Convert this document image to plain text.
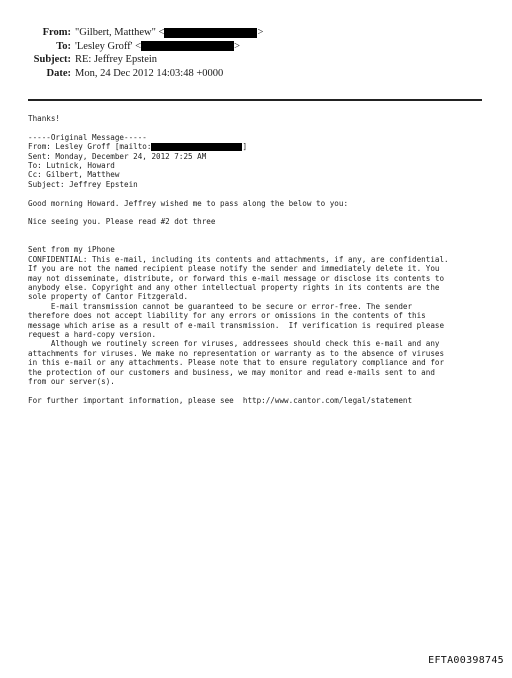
From: "Gilbert, Matthew" <	>
To: 'Lesley Groff' <	>
Subject: RE: Jeffrey Epstein
Date: Mon, 24 Dec 2012 14:03:48 +0000
Thanks!
-----Original Message-----
From: Lesley Groff [mailto:	]
Sent: Monday, December 24, 2012 7:25 AM
To: Lutnick, Howard
Cc: Gilbert, Matthew
Subject: Jeffrey Epstein
Good morning Howard. Jeffrey wished me to pass along the below to you:
Nice seeing you. Please read #2 dot three
Sent from my iPhone
CONFIDENTIAL: This e-mail, including its contents and attachments, if any, are confidential.
If you are not the named recipient please notify the sender and immediately delete it. You
may not disseminate, distribute, or forward this e-mail message or disclose its contents to
anybody else. Copyright and any other intellectual property rights in its contents are the
sole property of Cantor Fitzgerald.
E-mail transmission cannot be guaranteed to be secure or error-free. The sender
therefore does not accept liability for any errors or omissions in the contents of this
message which arise as a result of e-mail transmission.  If verification is required please
request a hard-copy version.
Although we routinely screen for viruses, addressees should check this e-mail and any
attachments for viruses. We make no representation or warranty as to the absence of viruses
in this e-mail or any attachments. Please note that to ensure regulatory compliance and for
the protection of our customers and business, we may monitor and read e-mails sent to and
from our server(s).
For further important information, please see  http://www.cantor.com/legal/statement
EFTA00398745
